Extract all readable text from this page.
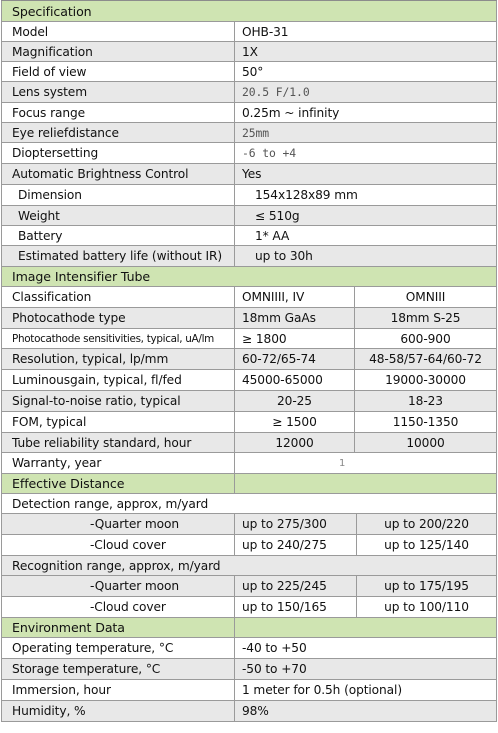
Specification
Model	OHB-31
Magnification	1X
Field of view	50°
Lens system	20.5 F/1.0
Focus range	0.25m ~ infinity
Eye reliefdistance	25mm
Dioptersetting	-6 to +4
Automatic Brightness Control	Yes
Dimension	154x128x89 mm
Weight	≤ 510g
Battery	1* AA
Estimated battery life (without IR)	up to 30h
Image Intensifier Tube
Classification	OMNIIII, IV	OMNIII
Photocathode type	18mm GaAs	18mm S-25
Photocathode sensitivities, typical, uA/lm	≥ 1800	600-900
Resolution, typical, lp/mm	60-72/65-74	48-58/57-64/60-72
Luminousgain, typical, fl/fed	45000-65000	19000-30000
Signal-to-noise ratio, typical	20-25	18-23
FOM, typical	≥ 1500	1150-1350
Tube reliability standard, hour	12000	10000
Warranty, year	1
Effective Distance
Detection range, approx, m/yard
-Quarter moon	up to 275/300	up to 200/220
-Cloud cover	up to 240/275	up to 125/140
Recognition range, approx, m/yard
-Quarter moon	up to 225/245	up to 175/195
-Cloud cover	up to 150/165	up to 100/110
Environment Data
Operating temperature, °C	-40 to +50
Storage temperature, °C	-50 to +70
Immersion, hour	1 meter for 0.5h (optional)
Humidity, %	98%
